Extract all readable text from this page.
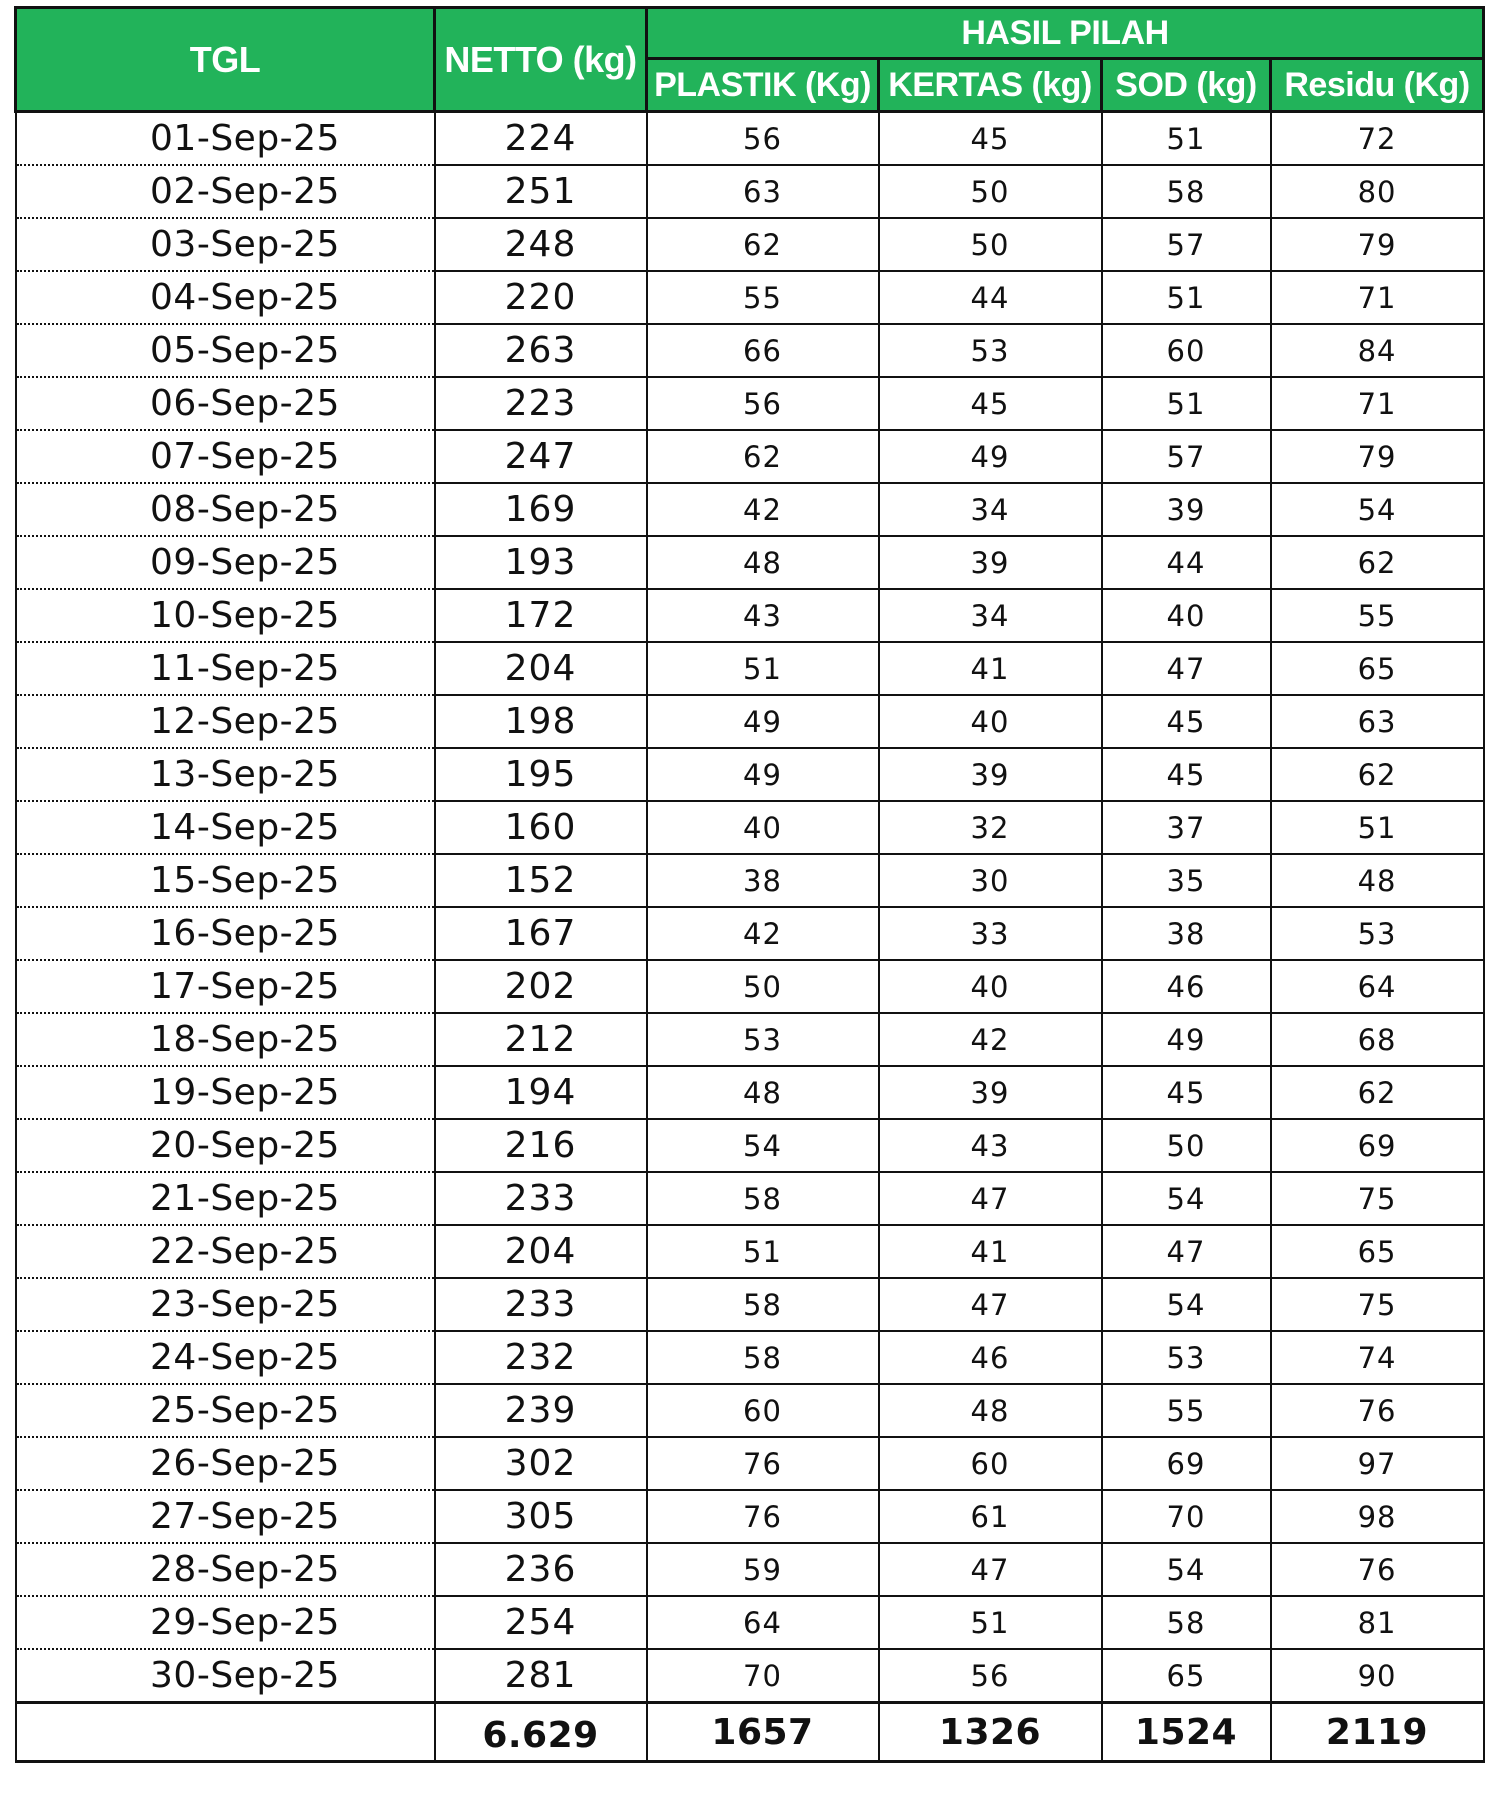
TGL	NETTO (kg)	HASIL PILAH			
		PLASTIK (Kg)	KERTAS (kg)	SOD (kg)	Residu (Kg)
01-Sep-25	224	56	45	51	72
02-Sep-25	251	63	50	58	80
03-Sep-25	248	62	50	57	79
04-Sep-25	220	55	44	51	71
05-Sep-25	263	66	53	60	84
06-Sep-25	223	56	45	51	71
07-Sep-25	247	62	49	57	79
08-Sep-25	169	42	34	39	54
09-Sep-25	193	48	39	44	62
10-Sep-25	172	43	34	40	55
11-Sep-25	204	51	41	47	65
12-Sep-25	198	49	40	45	63
13-Sep-25	195	49	39	45	62
14-Sep-25	160	40	32	37	51
15-Sep-25	152	38	30	35	48
16-Sep-25	167	42	33	38	53
17-Sep-25	202	50	40	46	64
18-Sep-25	212	53	42	49	68
19-Sep-25	194	48	39	45	62
20-Sep-25	216	54	43	50	69
21-Sep-25	233	58	47	54	75
22-Sep-25	204	51	41	47	65
23-Sep-25	233	58	47	54	75
24-Sep-25	232	58	46	53	74
25-Sep-25	239	60	48	55	76
26-Sep-25	302	76	60	69	97
27-Sep-25	305	76	61	70	98
28-Sep-25	236	59	47	54	76
29-Sep-25	254	64	51	58	81
30-Sep-25	281	70	56	65	90
	6.629	1657	1326	1524	2119
